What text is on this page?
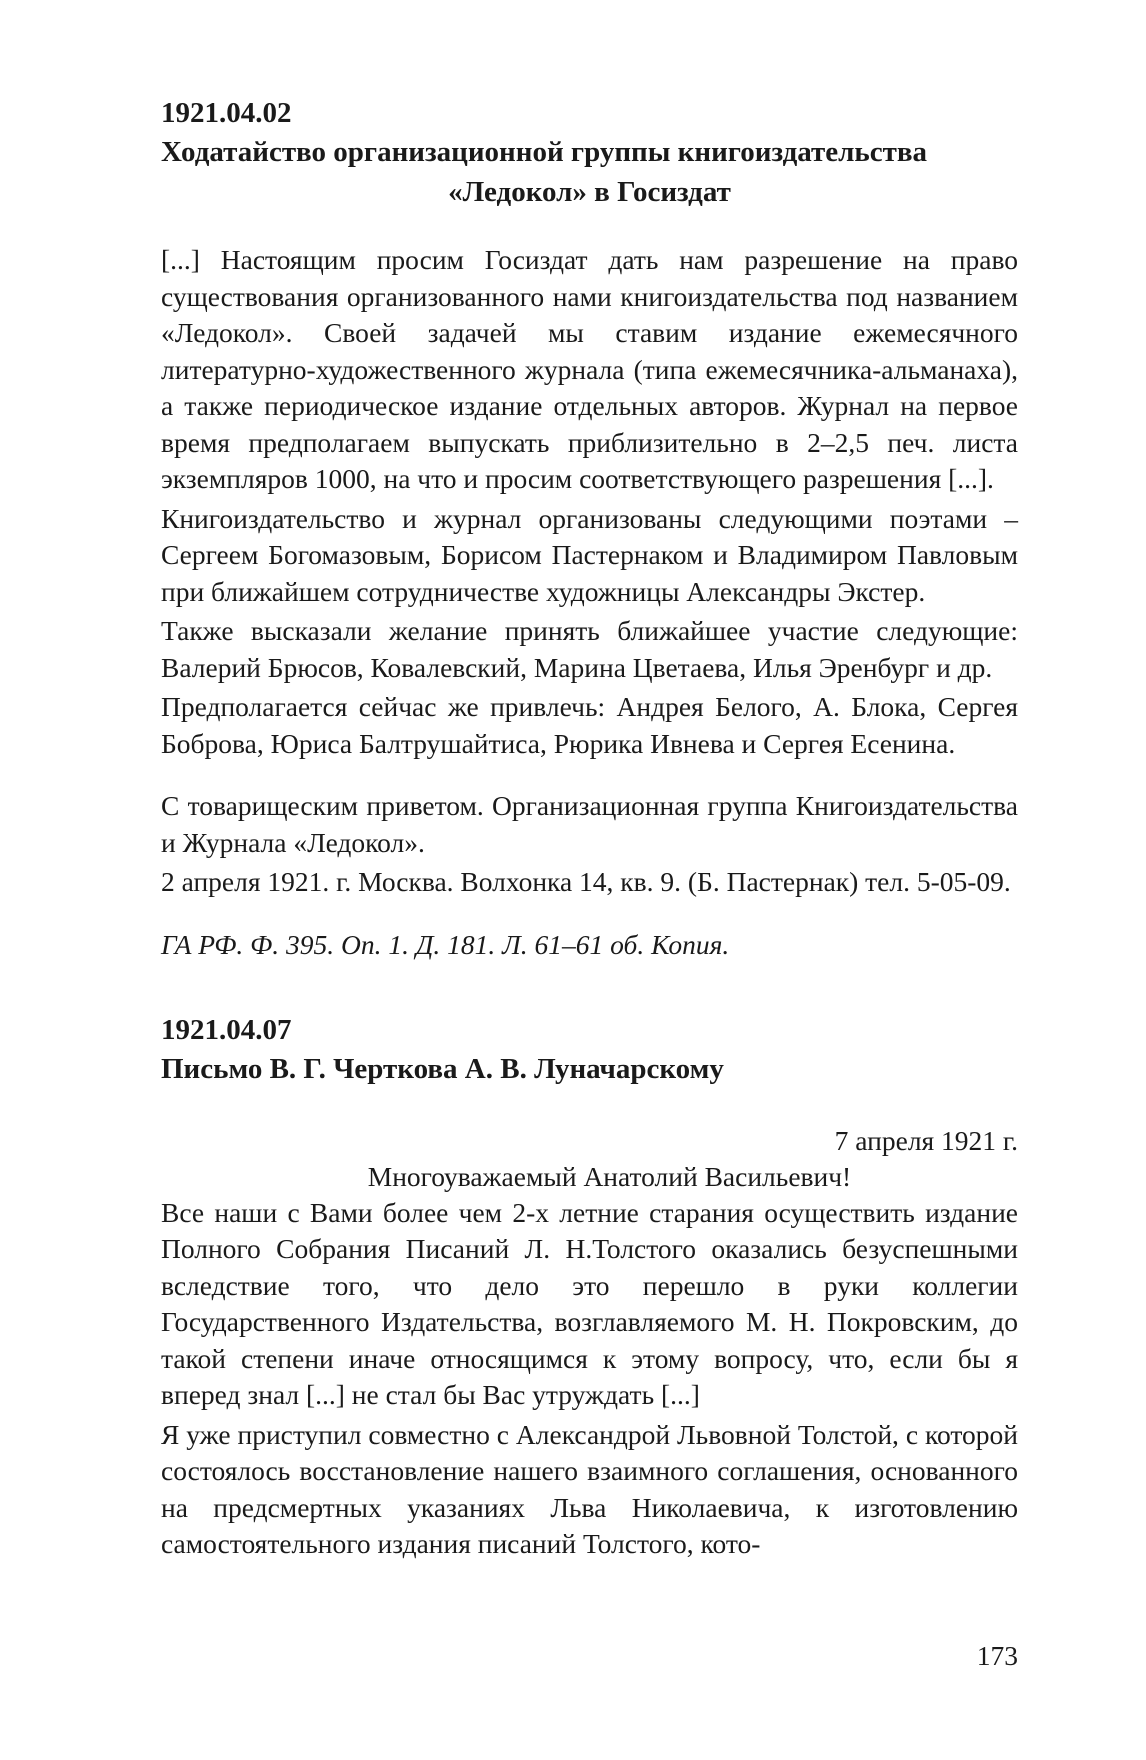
1921.04.02

Ходатайство организационной группы книгоиздательства

«Ледокол» в Госиздат

[...] Настоящим просим Госиздат дать нам разрешение на право существования организованного нами книгоиздательства под названием «Ледокол». Своей задачей мы ставим издание ежемесячного литературно-художественного журнала (типа ежемесячника-альманаха), а также периодическое издание отдельных авторов. Журнал на первое время предполагаем выпускать приблизительно в 2–2,5 печ. листа экземпляров 1000, на что и просим соответствующего разрешения [...].

Книгоиздательство и журнал организованы следующими поэтами – Сергеем Богомазовым, Борисом Пастернаком и Владимиром Павловым при ближайшем сотрудничестве художницы Александры Экстер.

Также высказали желание принять ближайшее участие следующие: Валерий Брюсов, Ковалевский, Марина Цветаева, Илья Эренбург и др.

Предполагается сейчас же привлечь: Андрея Белого, А. Блока, Сергея Боброва, Юриса Балтрушайтиса, Рюрика Ивнева и Сергея Есенина.

С товарищеским приветом. Организационная группа Книгоиздательства и Журнала «Ледокол».

2 апреля 1921. г. Москва. Волхонка 14, кв. 9. (Б. Пастернак) тел. 5-05-09.

ГА РФ. Ф. 395. Оп. 1. Д. 181. Л. 61–61 об. Копия.

1921.04.07

Письмо В. Г. Черткова А. В. Луначарскому

7 апреля 1921 г.

Многоуважаемый Анатолий Васильевич!

Все наши с Вами более чем 2-х летние старания осуществить издание Полного Собрания Писаний Л. Н.Толстого оказались безуспешными вследствие того, что дело это перешло в руки коллегии Государственного Издательства, возглавляемого М. Н. Покровским, до такой степени иначе относящимся к этому вопросу, что, если бы я вперед знал [...] не стал бы Вас утруждать [...]

Я уже приступил совместно с Александрой Львовной Толстой, с которой состоялось восстановление нашего взаимного соглашения, основанного на предсмертных указаниях Льва Николаевича, к изготовлению самостоятельного издания писаний Толстого, кото-

173
